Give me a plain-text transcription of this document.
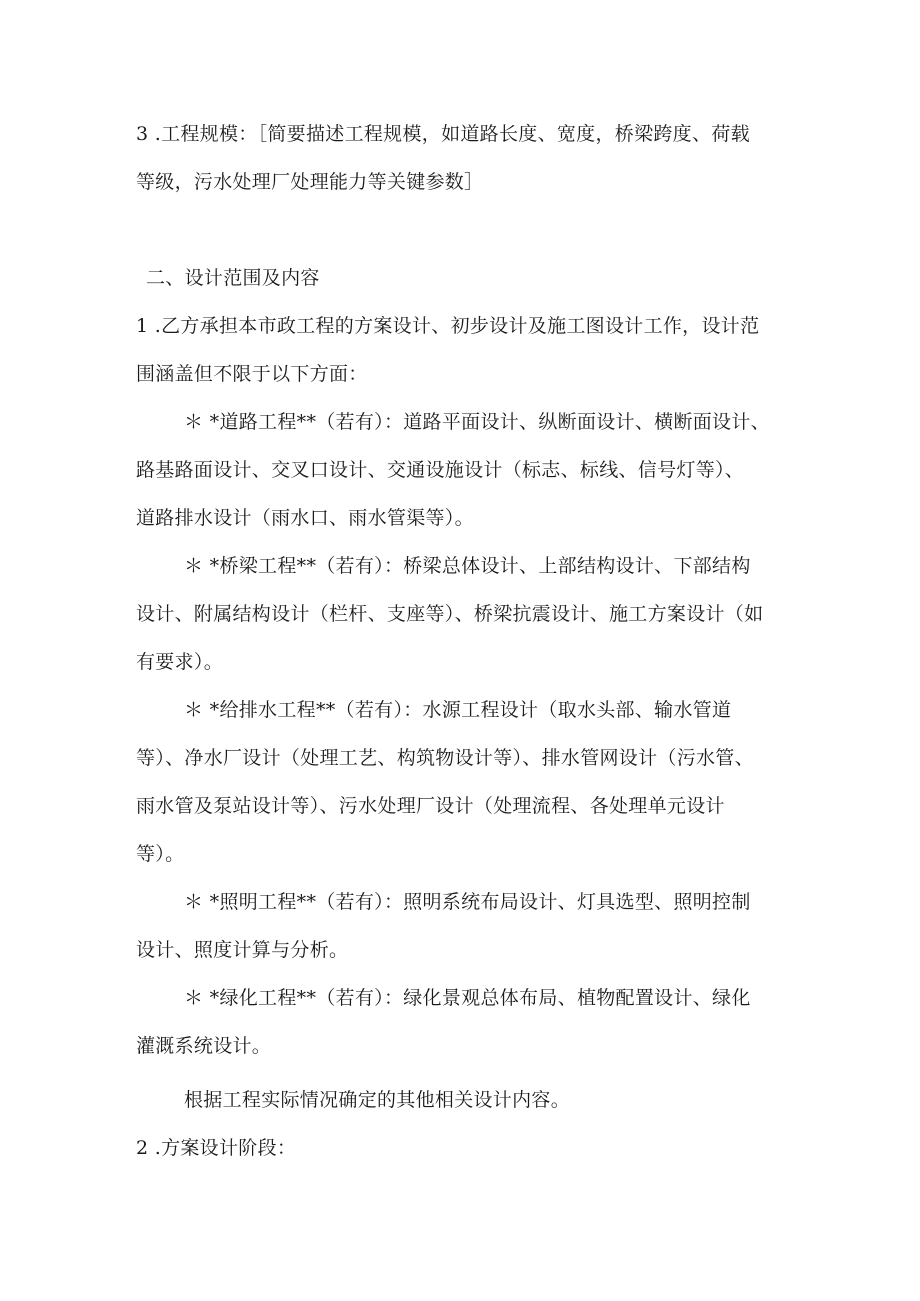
3 .工程规模：［简要描述工程规模，如道路长度、宽度，桥梁跨度、荷载
等级，污水处理厂处理能力等关键参数］
二、设计范围及内容
1 .乙方承担本市政工程的方案设计、初步设计及施工图设计工作，设计范
围涵盖但不限于以下方面：
＊ *道路工程**（若有）：道路平面设计、纵断面设计、横断面设计、
路基路面设计、交叉口设计、交通设施设计（标志、标线、信号灯等）、
道路排水设计（雨水口、雨水管渠等）。
＊ *桥梁工程**（若有）：桥梁总体设计、上部结构设计、下部结构
设计、附属结构设计（栏杆、支座等）、桥梁抗震设计、施工方案设计（如
有要求）。
＊ *给排水工程**（若有）：水源工程设计（取水头部、输水管道
等）、净水厂设计（处理工艺、构筑物设计等）、排水管网设计（污水管、
雨水管及泵站设计等）、污水处理厂设计（处理流程、各处理单元设计
等）。
＊ *照明工程**（若有）：照明系统布局设计、灯具选型、照明控制
设计、照度计算与分析。
＊ *绿化工程**（若有）：绿化景观总体布局、植物配置设计、绿化
灌溉系统设计。
根据工程实际情况确定的其他相关设计内容。
2 .方案设计阶段：
